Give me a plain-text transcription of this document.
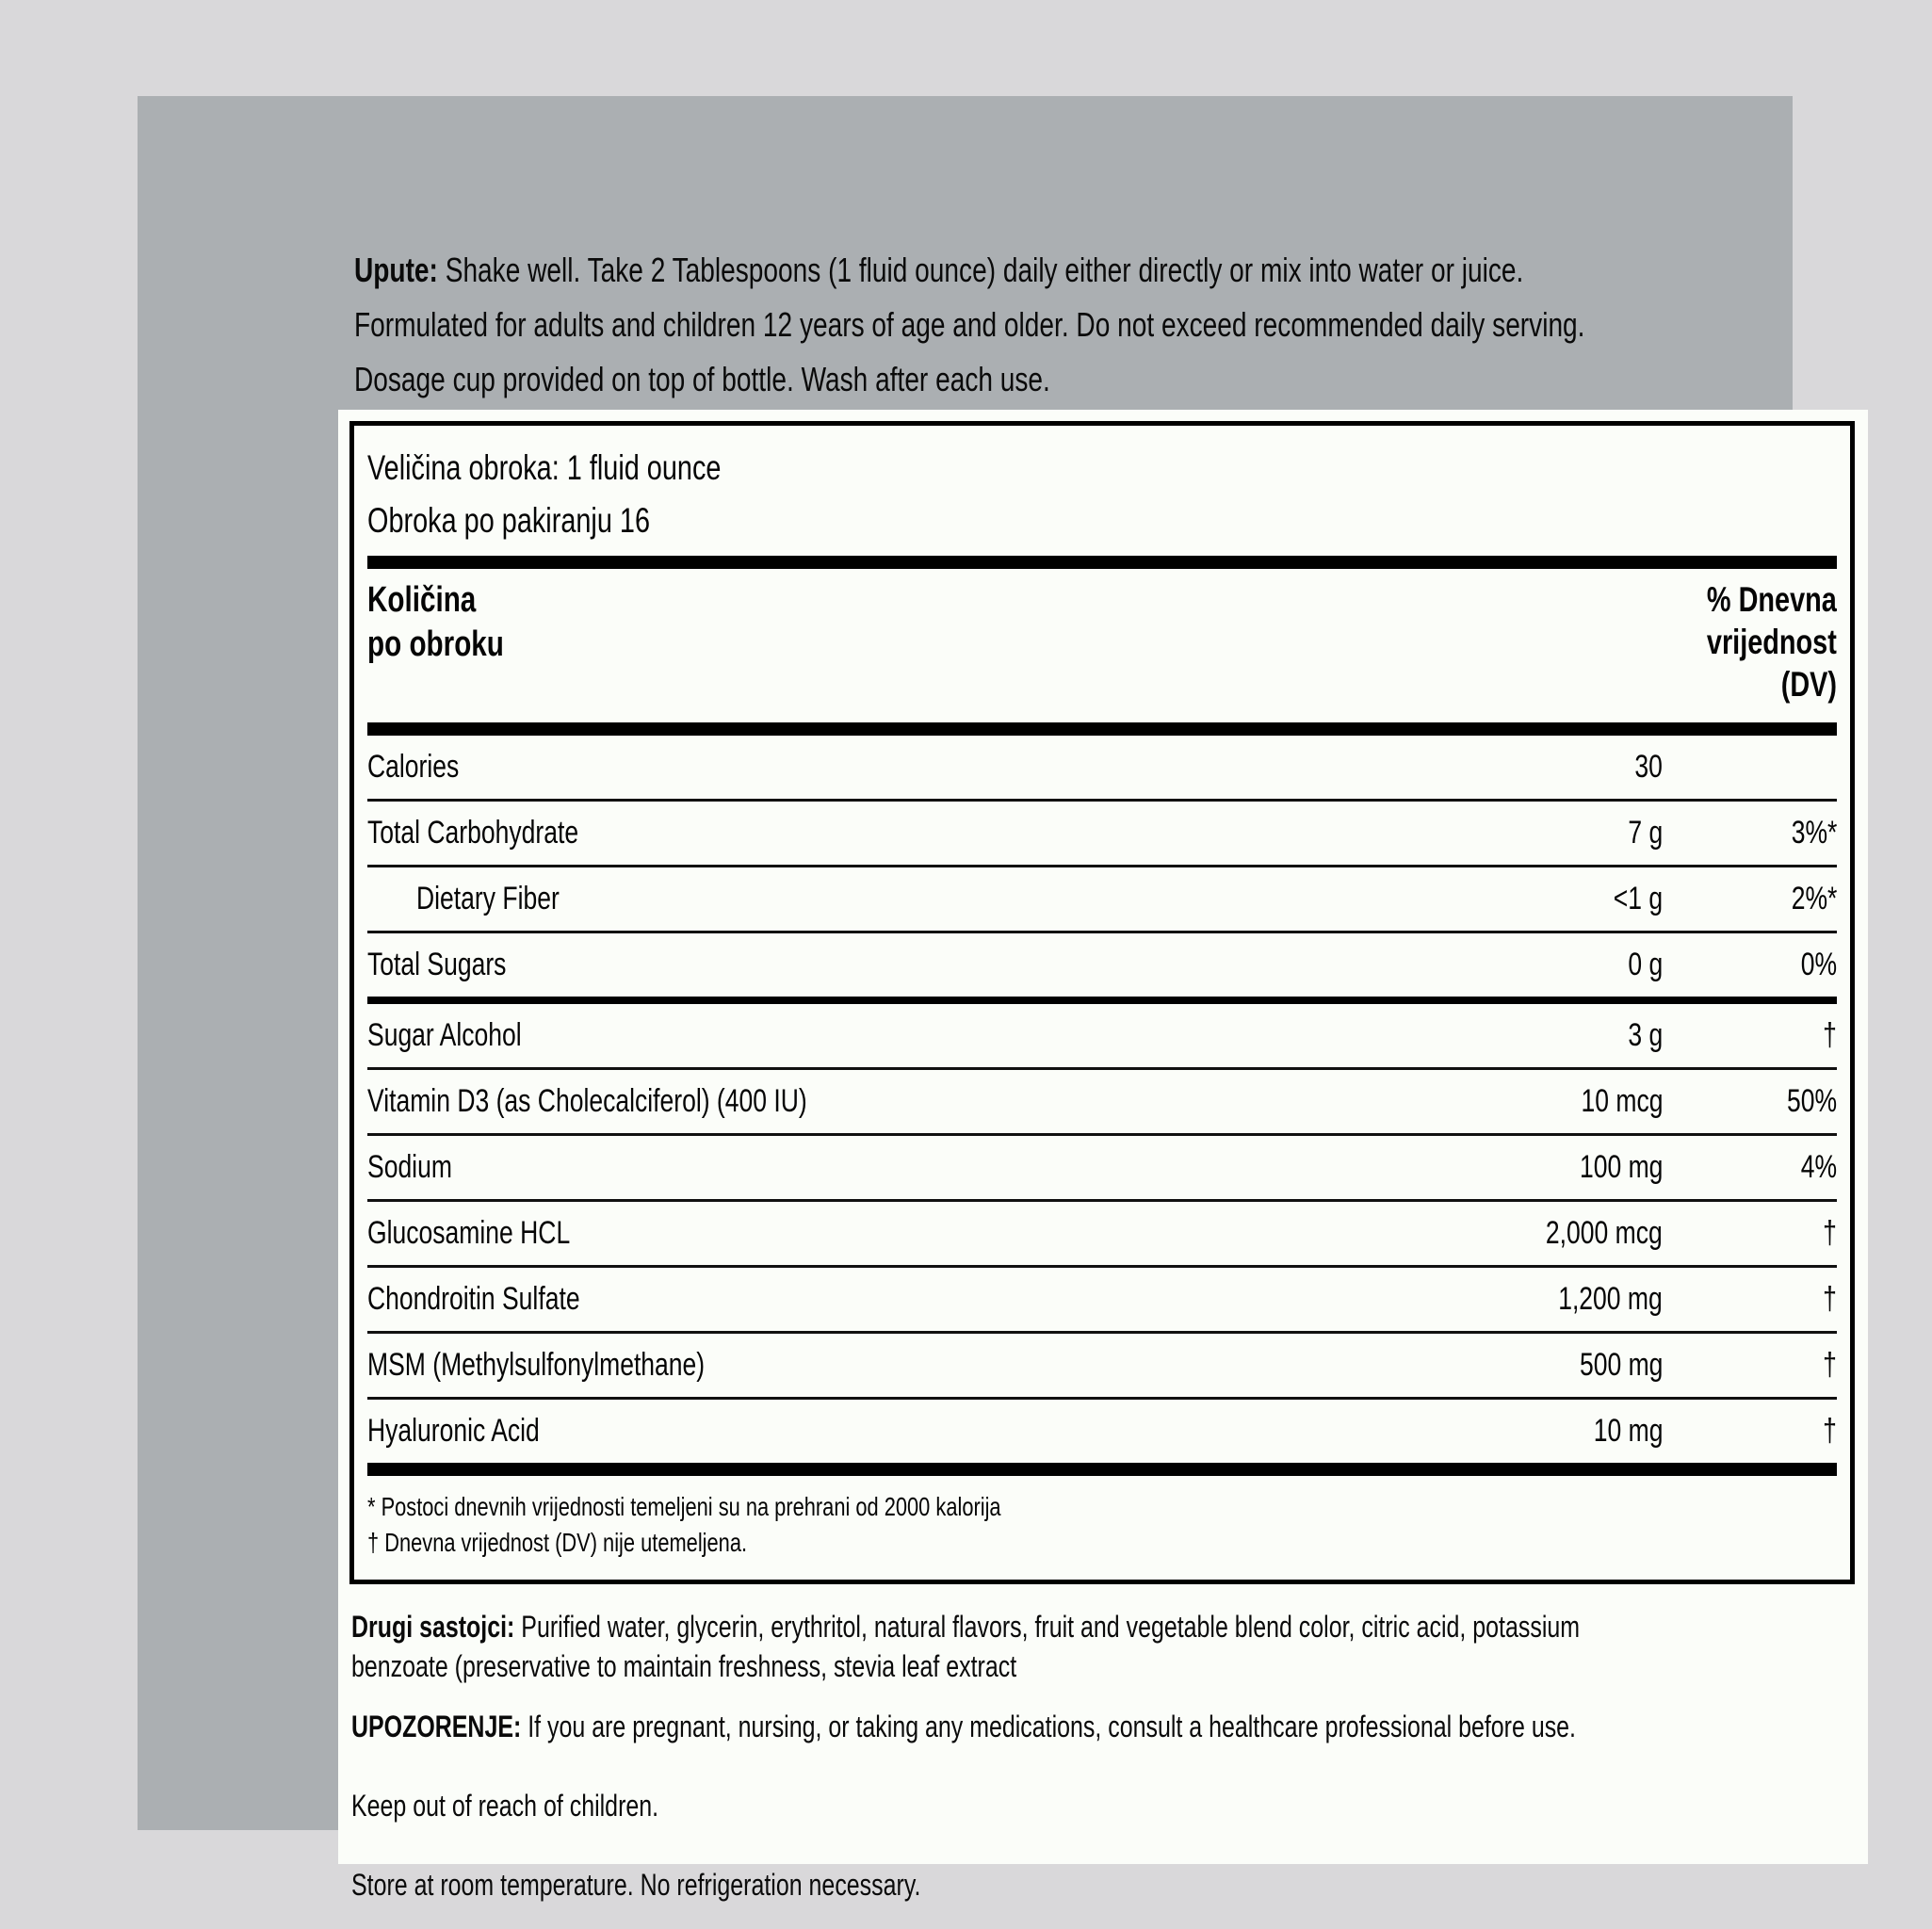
Upute: Shake well. Take 2 Tablespoons (1 fluid ounce) daily either directly or mix into water or juice.
Formulated for adults and children 12 years of age and older. Do not exceed recommended daily serving.
Dosage cup provided on top of bottle. Wash after each use.
Veličina obroka: 1 fluid ounce
Obroka po pakiranju 16
Količina
po obroku
% Dnevna
vrijednost
(DV)
Calories	30
Total Carbohydrate	7 g	3%*
Dietary Fiber	<1 g	2%*
Total Sugars	0 g	0%
Sugar Alcohol	3 g	†
Vitamin D3 (as Cholecalciferol) (400 IU)	10 mcg	50%
Sodium	100 mg	4%
Glucosamine HCL	2,000 mcg	†
Chondroitin Sulfate	1,200 mg	†
MSM (Methylsulfonylmethane)	500 mg	†
Hyaluronic Acid	10 mg	†
* Postoci dnevnih vrijednosti temeljeni su na prehrani od 2000 kalorija
† Dnevna vrijednost (DV) nije utemeljena.
Drugi sastojci: Purified water, glycerin, erythritol, natural flavors, fruit and vegetable blend color, citric acid, potassium
benzoate (preservative to maintain freshness, stevia leaf extract
UPOZORENJE: If you are pregnant, nursing, or taking any medications, consult a healthcare professional before use.
Keep out of reach of children.
Store at room temperature. No refrigeration necessary.
